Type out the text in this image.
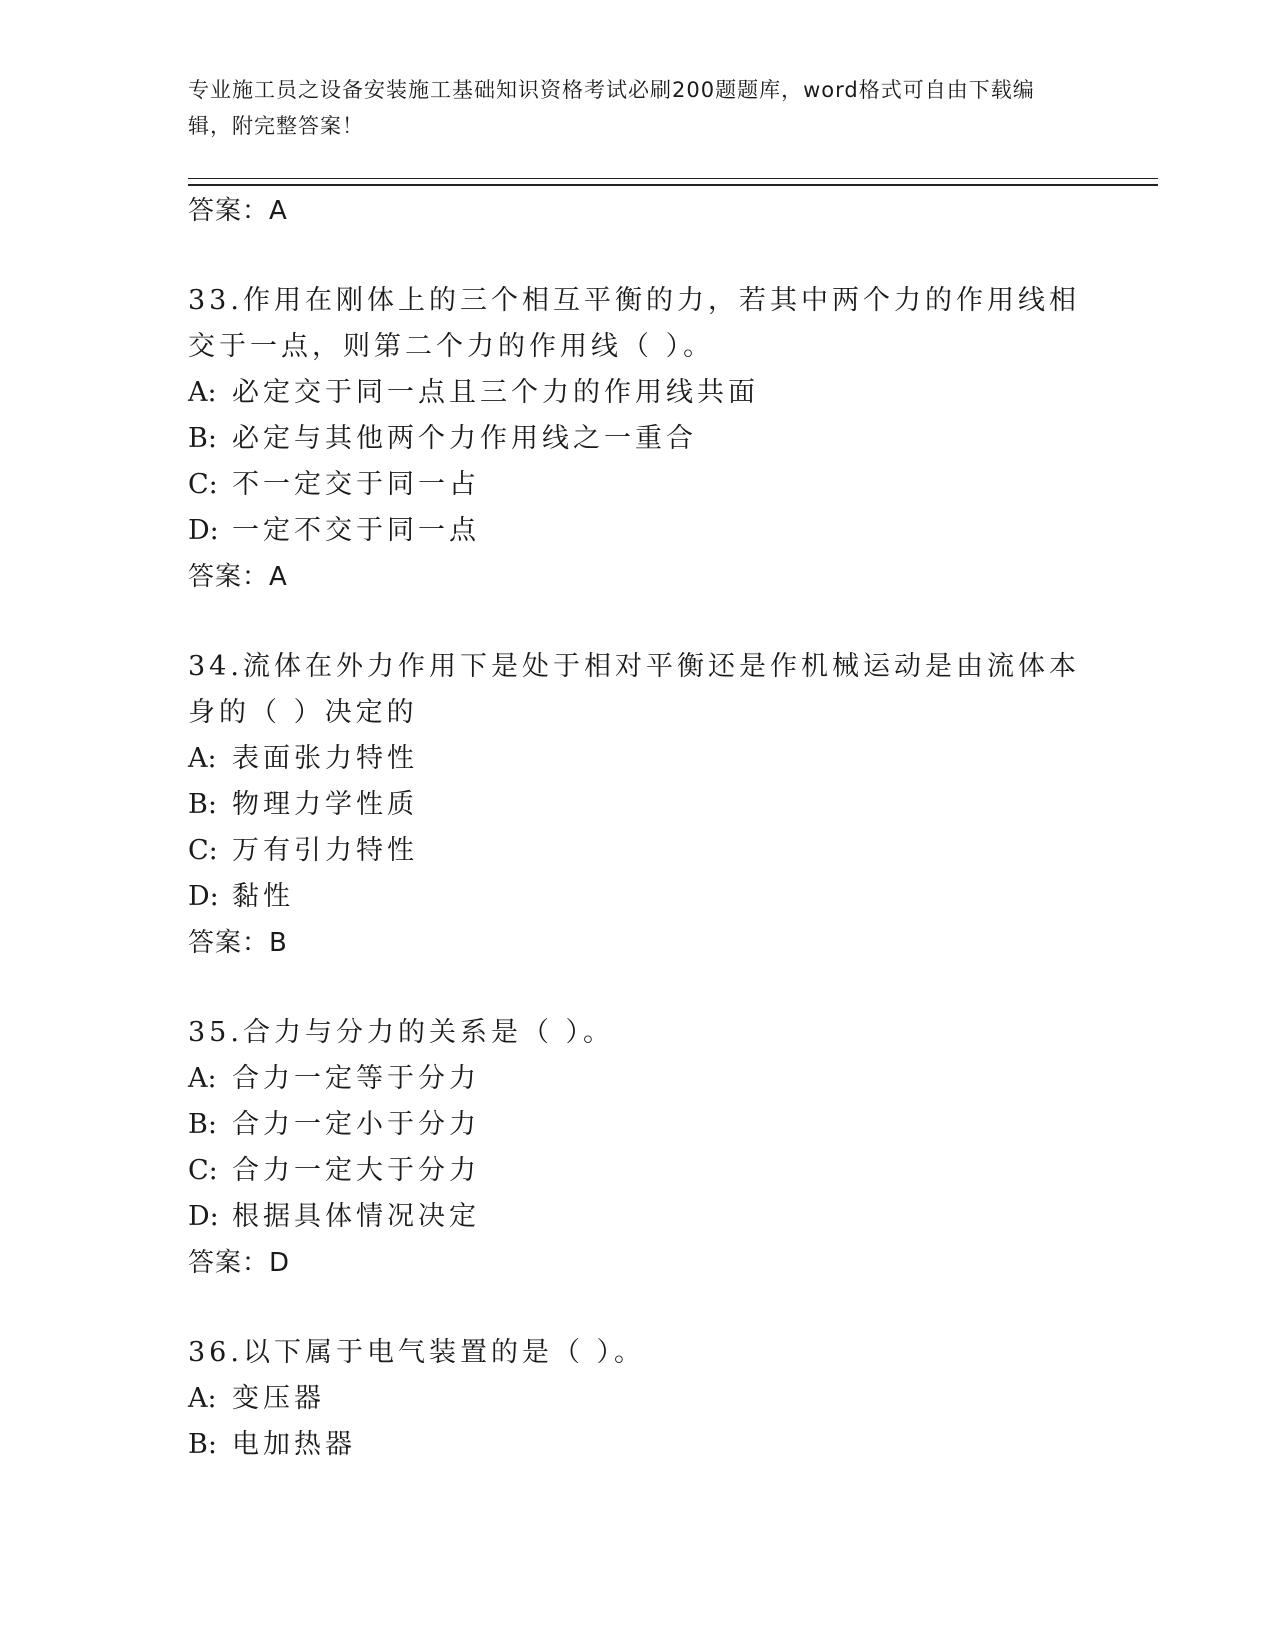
专业施工员之设备安装施工基础知识资格考试必刷200题题库，word格式可自由下载编辑，附完整答案！
答案：A
33.作用在刚体上的三个相互平衡的力，若其中两个力的作用线相交于一点，则第二个力的作用线（ ）。
A: 必定交于同一点且三个力的作用线共面
B: 必定与其他两个力作用线之一重合
C: 不一定交于同一占
D: 一定不交于同一点
答案：A
34.流体在外力作用下是处于相对平衡还是作机械运动是由流体本身的（ ）决定的
A: 表面张力特性
B: 物理力学性质
C: 万有引力特性
D: 黏性
答案：B
35.合力与分力的关系是（ ）。
A: 合力一定等于分力
B: 合力一定小于分力
C: 合力一定大于分力
D: 根据具体情况决定
答案：D
36.以下属于电气装置的是（ ）。
A: 变压器
B: 电加热器
